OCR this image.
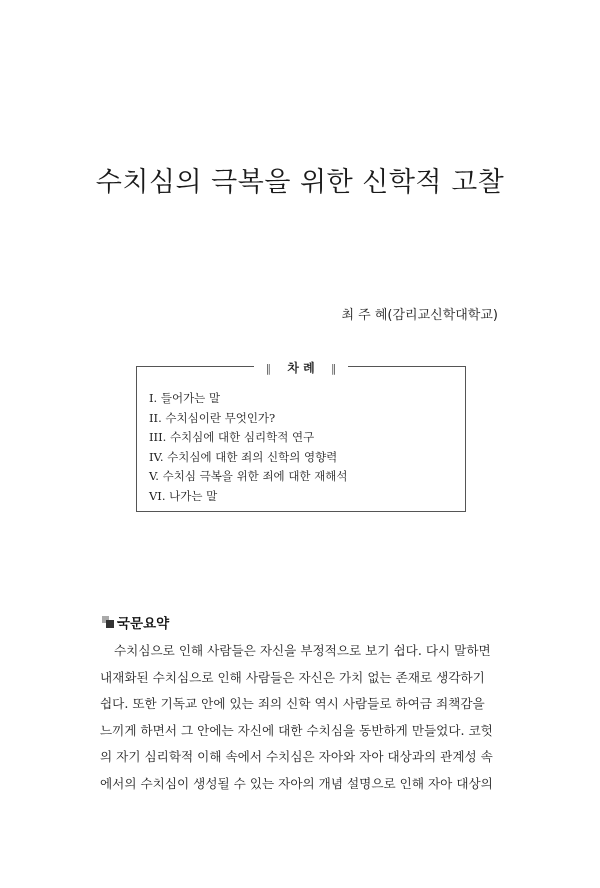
수치심의 극복을 위한 신학적 고찰
최 주 혜(감리교신학대학교)
‖ 차 례 ‖
I. 들어가는 말
II. 수치심이란 무엇인가?
III. 수치심에 대한 심리학적 연구
IV. 수치심에 대한 죄의 신학의 영향력
V. 수치심 극복을 위한 죄에 대한 재해석
VI. 나가는 말
국문요약
수치심으로 인해 사람들은 자신을 부정적으로 보기 쉽다. 다시 말하면
내재화된 수치심으로 인해 사람들은 자신은 가치 없는 존재로 생각하기
쉽다. 또한 기독교 안에 있는 죄의 신학 역시 사람들로 하여금 죄책감을
느끼게 하면서 그 안에는 자신에 대한 수치심을 동반하게 만들었다. 코헛
의 자기 심리학적 이해 속에서 수치심은 자아와 자아 대상과의 관계성 속
에서의 수치심이 생성될 수 있는 자아의 개념 설명으로 인해 자아 대상의
